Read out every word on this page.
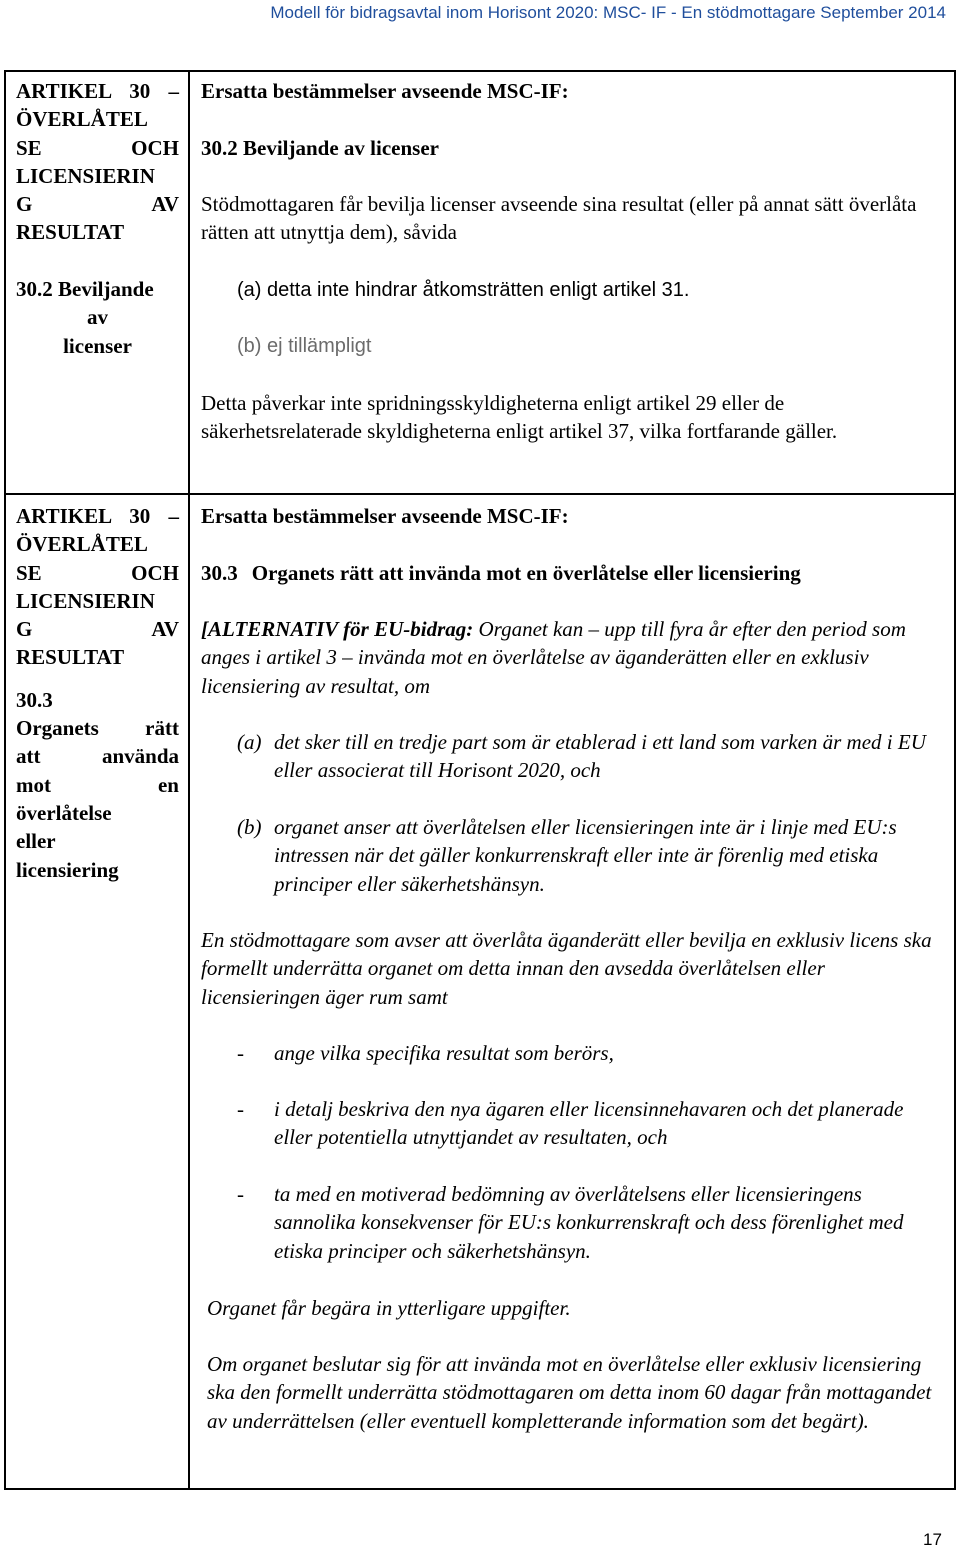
Modell för bidragsavtal inom Horisont 2020: MSC- IF - En stödmottagare September 2014
ARTIKEL 30 –
ÖVERLÅTEL
SE OCH
LICENSIERIN
G AV
RESULTAT
30.2 Beviljande
av
licenser
Ersatta bestämmelser avseende MSC-IF:
30.2 Beviljande av licenser
Stödmottagaren får bevilja licenser avseende sina resultat (eller på annat sätt överlåta rätten att utnyttja dem), såvida
(a) detta inte hindrar åtkomsträtten enligt artikel 31.
(b) ej tillämpligt
Detta påverkar inte spridningsskyldigheterna enligt artikel 29 eller de säkerhetsrelaterade skyldigheterna enligt artikel 37, vilka fortfarande gäller.
ARTIKEL 30 –
ÖVERLÅTEL
SE OCH
LICENSIERIN
G AV
RESULTAT
30.3
Organets rätt
att använda
mot en
överlåtelse
eller
licensiering
Ersatta bestämmelser avseende MSC-IF:
30.3 Organets rätt att invända mot en överlåtelse eller licensiering
[ALTERNATIV för EU-bidrag: Organet kan – upp till fyra år efter den period som anges i artikel 3 – invända mot en överlåtelse av äganderätten eller en exklusiv licensiering av resultat, om
(a) det sker till en tredje part som är etablerad i ett land som varken är med i EU eller associerat till Horisont 2020, och
(b) organet anser att överlåtelsen eller licensieringen inte är i linje med EU:s intressen när det gäller konkurrenskraft eller inte är förenlig med etiska principer eller säkerhetshänsyn.
En stödmottagare som avser att överlåta äganderätt eller bevilja en exklusiv licens ska formellt underrätta organet om detta innan den avsedda överlåtelsen eller licensieringen äger rum samt
- ange vilka specifika resultat som berörs,
- i detalj beskriva den nya ägaren eller licensinnehavaren och det planerade eller potentiella utnyttjandet av resultaten, och
- ta med en motiverad bedömning av överlåtelsens eller licensieringens sannolika konsekvenser för EU:s konkurrenskraft och dess förenlighet med etiska principer och säkerhetshänsyn.
Organet får begära in ytterligare uppgifter.
Om organet beslutar sig för att invända mot en överlåtelse eller exklusiv licensiering ska den formellt underrätta stödmottagaren om detta inom 60 dagar från mottagandet av underrättelsen (eller eventuell kompletterande information som det begärt).
17
